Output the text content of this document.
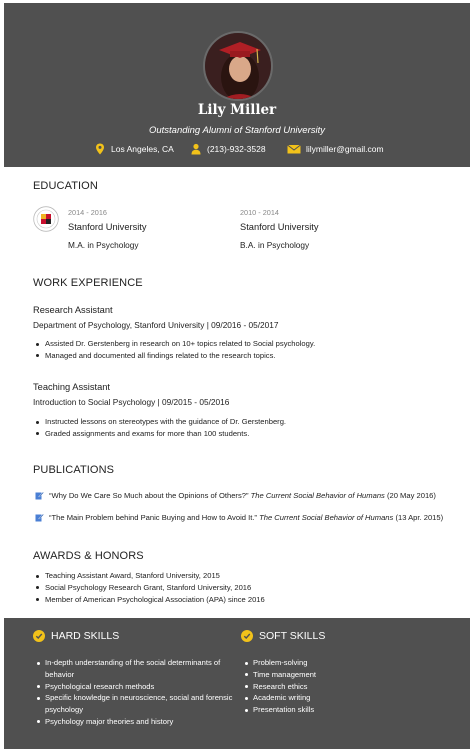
Lily Miller
Outstanding Alumni of Stanford University
Los Angeles, CA	(213)-932-3528	lilymiller@gmail.com
EDUCATION
2014 - 2016
Stanford University
M.A. in Psychology
2010 - 2014
Stanford University
B.A. in Psychology
WORK EXPERIENCE
Research Assistant
Department of Psychology, Stanford University | 09/2016 - 05/2017
Assisted Dr. Gerstenberg in research on 10+ topics related to Social psychology.
Managed and documented all findings related to the research topics.
Teaching Assistant
Introduction to Social Psychology | 09/2015 - 05/2016
Instructed lessons on stereotypes with the guidance of Dr. Gerstenberg.
Graded assignments and exams for more than 100 students.
PUBLICATIONS
“Why Do We Care So Much about the Opinions of Others?” The Current Social Behavior of Humans (20 May 2016)
“The Main Problem behind Panic Buying and How to Avoid It.” The Current Social Behavior of Humans (13 Apr. 2015)
AWARDS & HONORS
Teaching Assistant Award, Stanford University, 2015
Social Psychology Research Grant, Stanford University, 2016
Member of American Psychological Association (APA) since 2016
HARD SKILLS
In-depth understanding of the social determinants of behavior
Psychological research methods
Specific knowledge in neuroscience, social and forensic psychology
Psychology major theories and history
SOFT SKILLS
Problem-solving
Time management
Research ethics
Academic writing
Presentation skills
